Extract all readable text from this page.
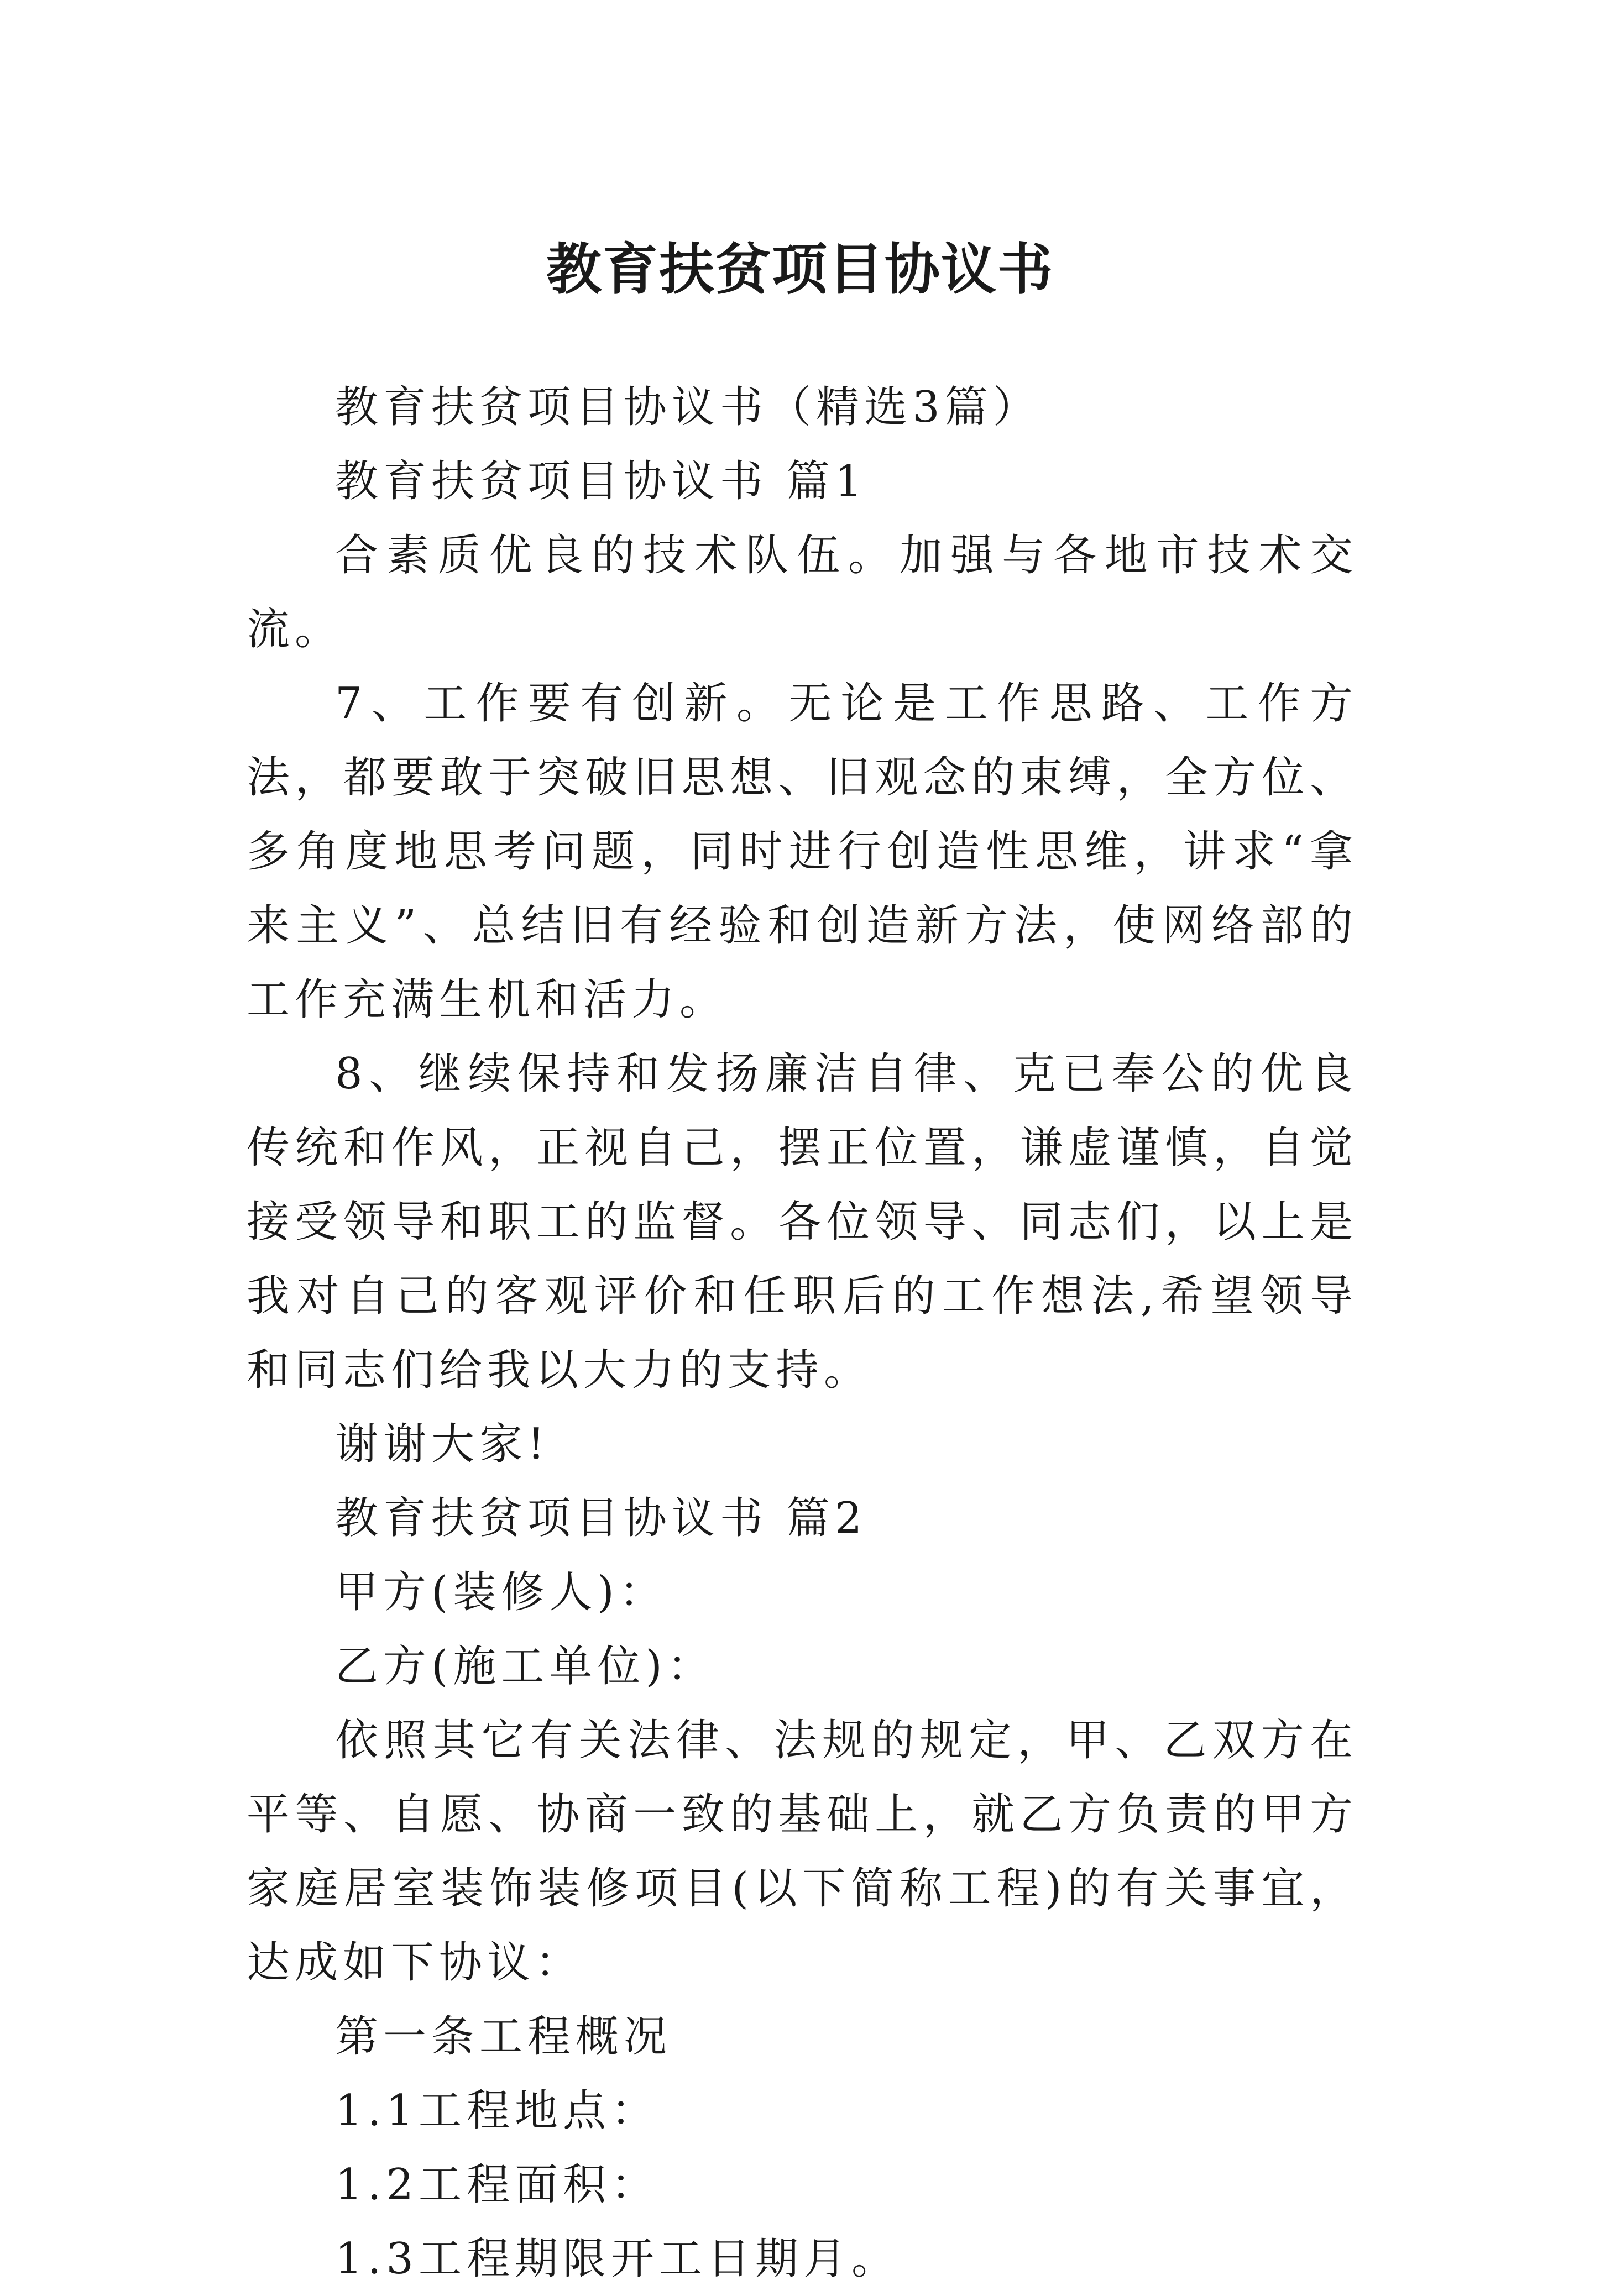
教育扶贫项目协议书

教育扶贫项目协议书（精选3篇）

教育扶贫项目协议书 篇1

合素质优良的技术队伍。加强与各地市技术交流。

7、工作要有创新。无论是工作思路、工作方法，都要敢于突破旧思想、旧观念的束缚，全方位、多角度地思考问题，同时进行创造性思维，讲求“拿来主义”、总结旧有经验和创造新方法，使网络部的工作充满生机和活力。

8、继续保持和发扬廉洁自律、克已奉公的优良传统和作风，正视自己，摆正位置，谦虚谨慎，自觉接受领导和职工的监督。各位领导、同志们，以上是我对自己的客观评价和任职后的工作想法,希望领导和同志们给我以大力的支持。

谢谢大家!

教育扶贫项目协议书 篇2

甲方(装修人)：

乙方(施工单位)：

依照其它有关法律、法规的规定，甲、乙双方在平等、自愿、协商一致的基础上，就乙方负责的甲方家庭居室装饰装修项目(以下简称工程)的有关事宜，达成如下协议：

第一条工程概况

1.1工程地点：

1.2工程面积：

1.3工程期限开工日期月。
